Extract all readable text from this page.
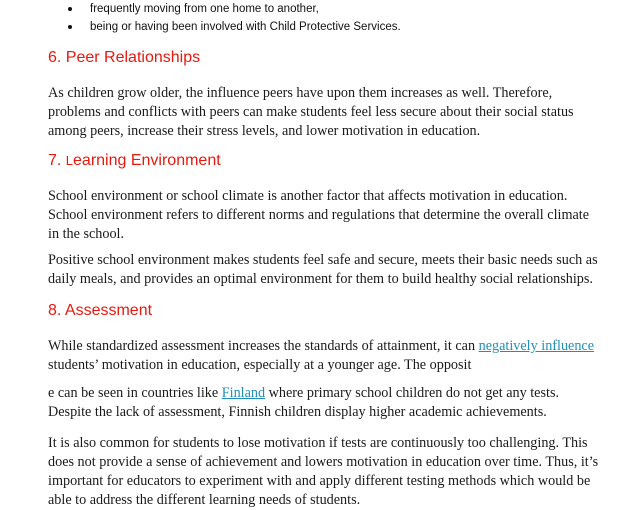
frequently moving from one home to another,
being or having been involved with Child Protective Services.
6. Peer Relationships
As children grow older, the influence peers have upon them increases as well. Therefore,
problems and conflicts with peers can make students feel less secure about their social status
among peers, increase their stress levels, and lower motivation in education.
7. Learning Environment
School environment or school climate is another factor that affects motivation in education.
School environment refers to different norms and regulations that determine the overall climate
in the school.
Positive school environment makes students feel safe and secure, meets their basic needs such as
daily meals, and provides an optimal environment for them to build healthy social relationships.
8. Assessment
While standardized assessment increases the standards of attainment, it can negatively influence
students’ motivation in education, especially at a younger age. The opposit
e can be seen in countries like Finland where primary school children do not get any tests.
Despite the lack of assessment, Finnish children display higher academic achievements.
It is also common for students to lose motivation if tests are continuously too challenging. This
does not provide a sense of achievement and lowers motivation in education over time. Thus, it’s
important for educators to experiment with and apply different testing methods which would be
able to address the different learning needs of students.
